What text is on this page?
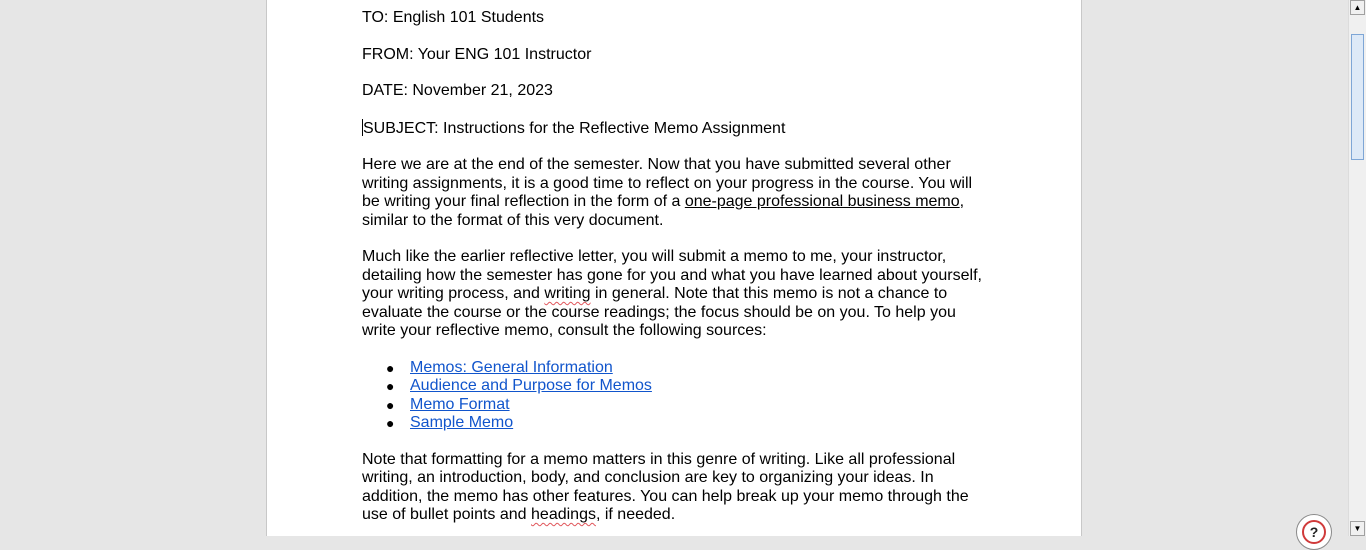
TO: English 101 Students

FROM: Your ENG 101 Instructor

DATE: November 21, 2023

SUBJECT: Instructions for the Reflective Memo Assignment

Here we are at the end of the semester. Now that you have submitted several other writing assignments, it is a good time to reflect on your progress in the course. You will be writing your final reflection in the form of a one-page professional business memo, similar to the format of this very document.

Much like the earlier reflective letter, you will submit a memo to me, your instructor, detailing how the semester has gone for you and what you have learned about yourself, your writing process, and writing in general. Note that this memo is not a chance to evaluate the course or the course readings; the focus should be on you. To help you write your reflective memo, consult the following sources:

● Memos: General Information
● Audience and Purpose for Memos
● Memo Format
● Sample Memo

Note that formatting for a memo matters in this genre of writing. Like all professional writing, an introduction, body, and conclusion are key to organizing your ideas. In addition, the memo has other features. You can help break up your memo through the use of bullet points and headings, if needed.

▲
▼
?
